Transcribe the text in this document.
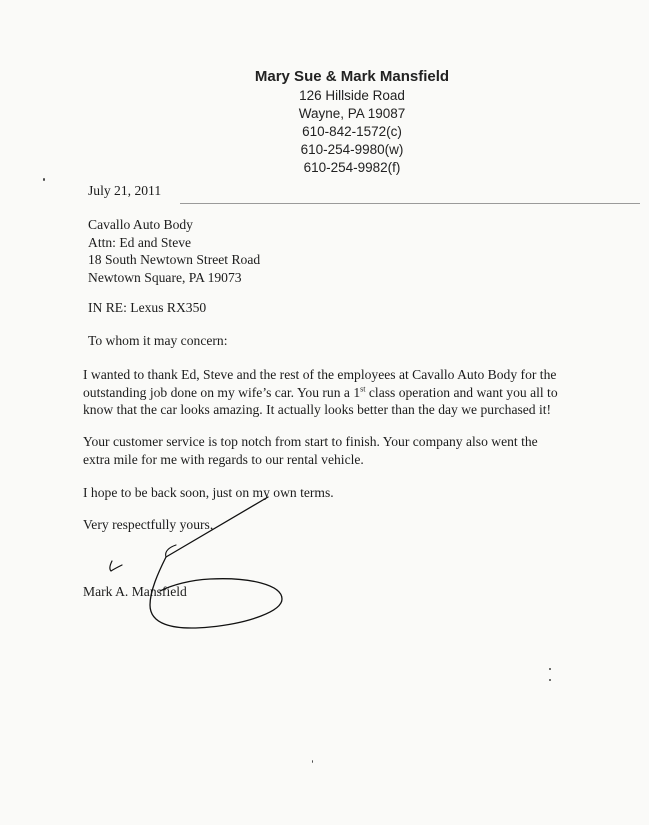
Mary Sue & Mark Mansfield
126 Hillside Road
Wayne, PA 19087
610-842-1572(c)
610-254-9980(w)
610-254-9982(f)
July 21, 2011
Cavallo Auto Body
Attn: Ed and Steve
18 South Newtown Street Road
Newtown Square, PA 19073
IN RE: Lexus RX350
To whom it may concern:
I wanted to thank Ed, Steve and the rest of the employees at Cavallo Auto Body for the
outstanding job done on my wife’s car. You run a 1st class operation and want you all to
know that the car looks amazing. It actually looks better than the day we purchased it!
Your customer service is top notch from start to finish. Your company also went the
extra mile for me with regards to our rental vehicle.
I hope to be back soon, just on my own terms.
Very respectfully yours,
Mark A. Mansfield
